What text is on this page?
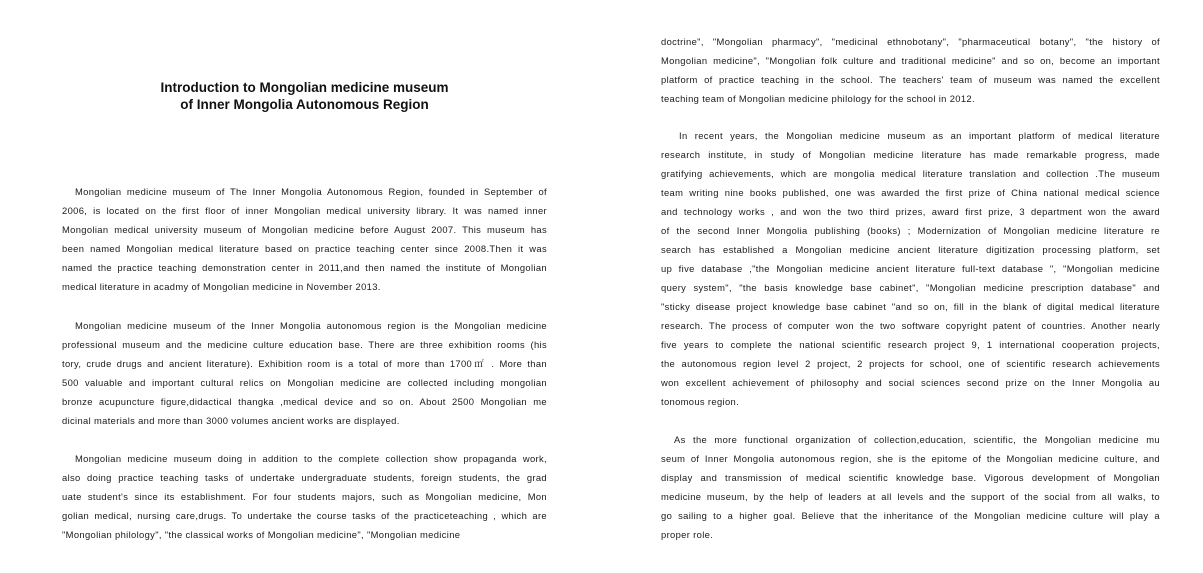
Introduction to Mongolian medicine museum
of Inner Mongolia Autonomous Region
Mongolian medicine museum of The Inner Mongolia Autonomous Region, founded in September of
2006, is located on the first floor of inner Mongolian medical university library. It was named inner
Mongolian medical university museum of Mongolian medicine before August 2007. This museum has
been named Mongolian medical literature based on practice teaching center since 2008.Then it was
named the practice teaching demonstration center in 2011,and then named the institute of Mongolian
medical literature in acadmy of Mongolian medicine in November 2013.
Mongolian medicine museum of the Inner Mongolia autonomous region is the Mongolian medicine
professional museum and the medicine culture education base. There are three exhibition rooms (his
tory, crude drugs and ancient literature). Exhibition room is a total of more than 1700㎡ . More than
500 valuable and important cultural relics on Mongolian medicine are collected including mongolian
bronze acupuncture figure,didactical thangka ,medical device and so on. About 2500 Mongolian me
dicinal materials and more than 3000 volumes ancient works are displayed.
Mongolian medicine museum doing in addition to the complete collection show propaganda work,
also doing practice teaching tasks of undertake undergraduate students, foreign students, the grad
uate student's since its establishment. For four students majors, such as Mongolian medicine, Mon
golian medical, nursing care,drugs. To undertake the course tasks of the practiceteaching , which are
"Mongolian philology", "the classical works of Mongolian medicine", "Mongolian medicine
doctrine", "Mongolian pharmacy", "medicinal ethnobotany", "pharmaceutical botany", "the history of
Mongolian medicine", "Mongolian folk culture and traditional medicine" and so on, become an important
platform of practice teaching in the school. The teachers' team of museum was named the excellent
teaching team of Mongolian medicine philology for the school in 2012.
In recent years, the Mongolian medicine museum as an important platform of medical literature
research institute, in study of Mongolian medicine literature has made remarkable progress, made
gratifying achievements, which are mongolia medical literature translation and collection .The museum
team writing nine books published, one was awarded the first prize of China national medical science
and technology works , and won the two third prizes, award first prize, 3 department won the award
of the second Inner Mongolia publishing (books) ; Modernization of Mongolian medicine literature re
search has established a Mongolian medicine ancient literature digitization processing platform, set
up five database ,"the Mongolian medicine ancient literature full-text database ", "Mongolian medicine
query system", "the basis knowledge base cabinet", "Mongolian medicine prescription database" and
"sticky disease project knowledge base cabinet "and so on, fill in the blank of digital medical literature
research. The process of computer won the two software copyright patent of countries. Another nearly
five years to complete the national scientific research project 9, 1 international cooperation projects,
the autonomous region level 2 project, 2 projects for school, one of scientific research achievements
won excellent achievement of philosophy and social sciences second prize on the Inner Mongolia au
tonomous region.
As the more functional organization of collection,education, scientific, the Mongolian medicine mu
seum of Inner Mongolia autonomous region, she is the epitome of the Mongolian medicine culture, and
display and transmission of medical scientific knowledge base. Vigorous development of Mongolian
medicine museum, by the help of leaders at all levels and the support of the social from all walks, to
go sailing to a higher goal. Believe that the inheritance of the Mongolian medicine culture will play a
proper role.
